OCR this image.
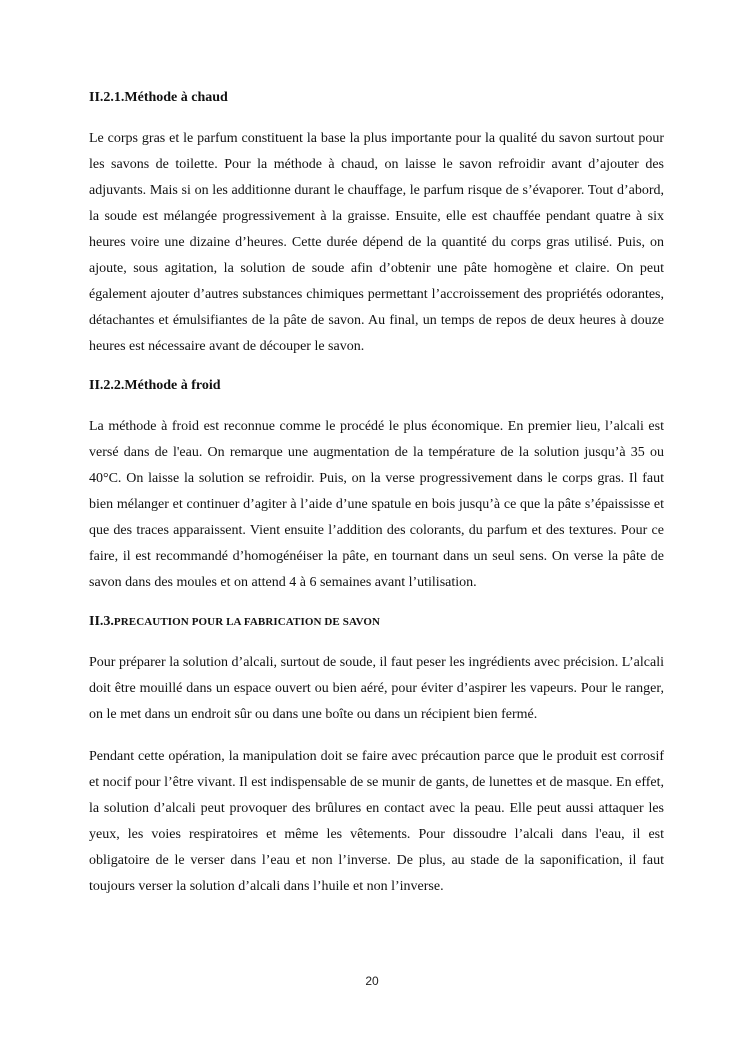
II.2.1.Méthode à chaud

Le corps gras et le parfum constituent la base la plus importante pour la qualité du savon surtout pour les savons de toilette. Pour la méthode à chaud, on laisse le savon refroidir avant d’ajouter des adjuvants. Mais si on les additionne durant le chauffage, le parfum risque de s’évaporer. Tout d’abord, la soude est mélangée progressivement à la graisse. Ensuite, elle est chauffée pendant quatre à six heures voire une dizaine d’heures. Cette durée dépend de la quantité du corps gras utilisé. Puis, on ajoute, sous agitation, la solution de soude afin d’obtenir une pâte homogène et claire. On peut également ajouter d’autres substances chimiques permettant l’accroissement des propriétés odorantes, détachantes et émulsifiantes de la pâte de savon. Au final, un temps de repos de deux heures à douze heures est nécessaire avant de découper le savon.

II.2.2.Méthode à froid

La méthode à froid est reconnue comme le procédé le plus économique. En premier lieu, l’alcali est versé dans de l'eau. On remarque une augmentation de la température de la solution jusqu’à 35 ou 40°C. On laisse la solution se refroidir. Puis, on la verse progressivement dans le corps gras. Il faut bien mélanger et continuer d’agiter à l’aide d’une spatule en bois jusqu’à ce que la pâte s’épaississe et que des traces apparaissent. Vient ensuite l’addition des colorants, du parfum et des textures. Pour ce faire, il est recommandé d’homogénéiser la pâte, en tournant dans un seul sens. On verse la pâte de savon dans des moules et on attend 4 à 6 semaines avant l’utilisation.

II.3.PRECAUTION POUR LA FABRICATION DE SAVON

Pour préparer la solution d’alcali, surtout de soude, il faut peser les ingrédients avec précision. L’alcali doit être mouillé dans un espace ouvert ou bien aéré, pour éviter d’aspirer les vapeurs. Pour le ranger, on le met dans un endroit sûr ou dans une boîte ou dans un récipient bien fermé.

Pendant cette opération, la manipulation doit se faire avec précaution parce que le produit est corrosif et nocif pour l’être vivant. Il est indispensable de se munir de gants, de lunettes et de masque. En effet, la solution d’alcali peut provoquer des brûlures en contact avec la peau. Elle peut aussi attaquer les yeux, les voies respiratoires et même les vêtements. Pour dissoudre l’alcali dans l'eau, il est obligatoire de le verser dans l’eau et non l’inverse. De plus, au stade de la saponification, il faut toujours verser la solution d’alcali dans l’huile et non l’inverse.

20
